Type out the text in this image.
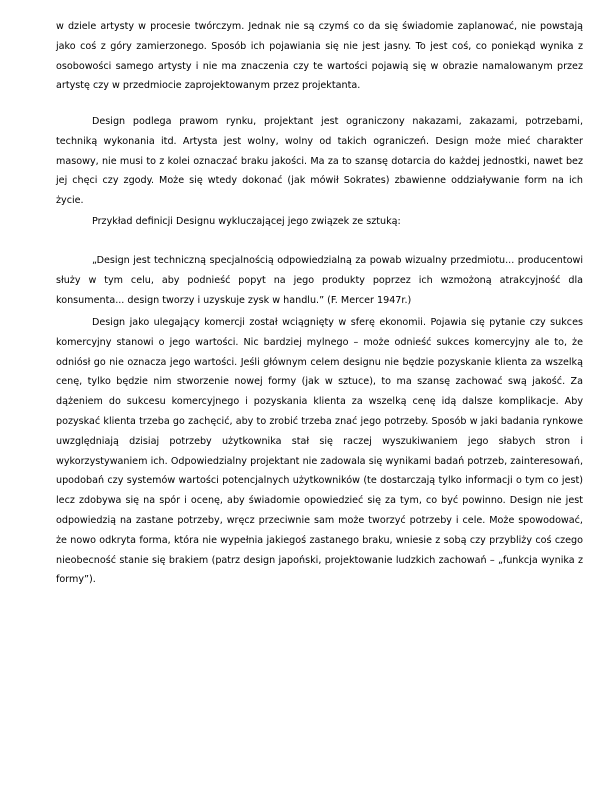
w dziele artysty w procesie twórczym. Jednak nie są czymś co da się świadomie zaplanować, nie powstają jako coś z góry zamierzonego. Sposób ich pojawiania się nie jest jasny. To jest coś, co poniekąd wynika z osobowości samego artysty i nie ma znaczenia czy te wartości pojawią się w obrazie namalowanym przez artystę czy w przedmiocie zaprojektowanym przez projektanta.

Design podlega prawom rynku, projektant jest ograniczony nakazami, zakazami, potrzebami, techniką wykonania itd. Artysta jest wolny, wolny od takich ograniczeń. Design może mieć charakter masowy, nie musi to z kolei oznaczać braku jakości. Ma za to szansę dotarcia do każdej jednostki, nawet bez jej chęci czy zgody. Może się wtedy dokonać (jak mówił Sokrates) zbawienne oddziaływanie form na ich życie.

Przykład definicji Designu wykluczającej jego związek ze sztuką:

„Design jest techniczną specjalnością odpowiedzialną za powab wizualny przedmiotu... producentowi służy w tym celu, aby podnieść popyt na jego produkty poprzez ich wzmożoną atrakcyjność dla konsumenta... design tworzy i uzyskuje zysk w handlu.” (F. Mercer 1947r.)

Design jako ulegający komercji został wciągnięty w sferę ekonomii. Pojawia się pytanie czy sukces komercyjny stanowi o jego wartości. Nic bardziej mylnego – może odnieść sukces komercyjny ale to, że odniósł go nie oznacza jego wartości. Jeśli głównym celem designu nie będzie pozyskanie klienta za wszelką cenę, tylko będzie nim stworzenie nowej formy (jak w sztuce), to ma szansę zachować swą jakość. Za dążeniem do sukcesu komercyjnego i pozyskania klienta za wszelką cenę idą dalsze komplikacje. Aby pozyskać klienta trzeba go zachęcić, aby to zrobić trzeba znać jego potrzeby. Sposób w jaki badania rynkowe uwzględniają dzisiaj potrzeby użytkownika stał się raczej wyszukiwaniem jego słabych stron i wykorzystywaniem ich. Odpowiedzialny projektant nie zadowala się wynikami badań potrzeb, zainteresowań, upodobań czy systemów wartości potencjalnych użytkowników (te dostarczają tylko informacji o tym co jest) lecz zdobywa się na spór i ocenę, aby świadomie opowiedzieć się za tym, co być powinno. Design nie jest odpowiedzią na zastane potrzeby, wręcz przeciwnie sam może tworzyć potrzeby i cele. Może spowodować, że nowo odkryta forma, która nie wypełnia jakiegoś zastanego braku, wniesie z sobą czy przybliży coś czego nieobecność stanie się brakiem (patrz design japoński, projektowanie ludzkich zachowań – „funkcja wynika z formy”).
